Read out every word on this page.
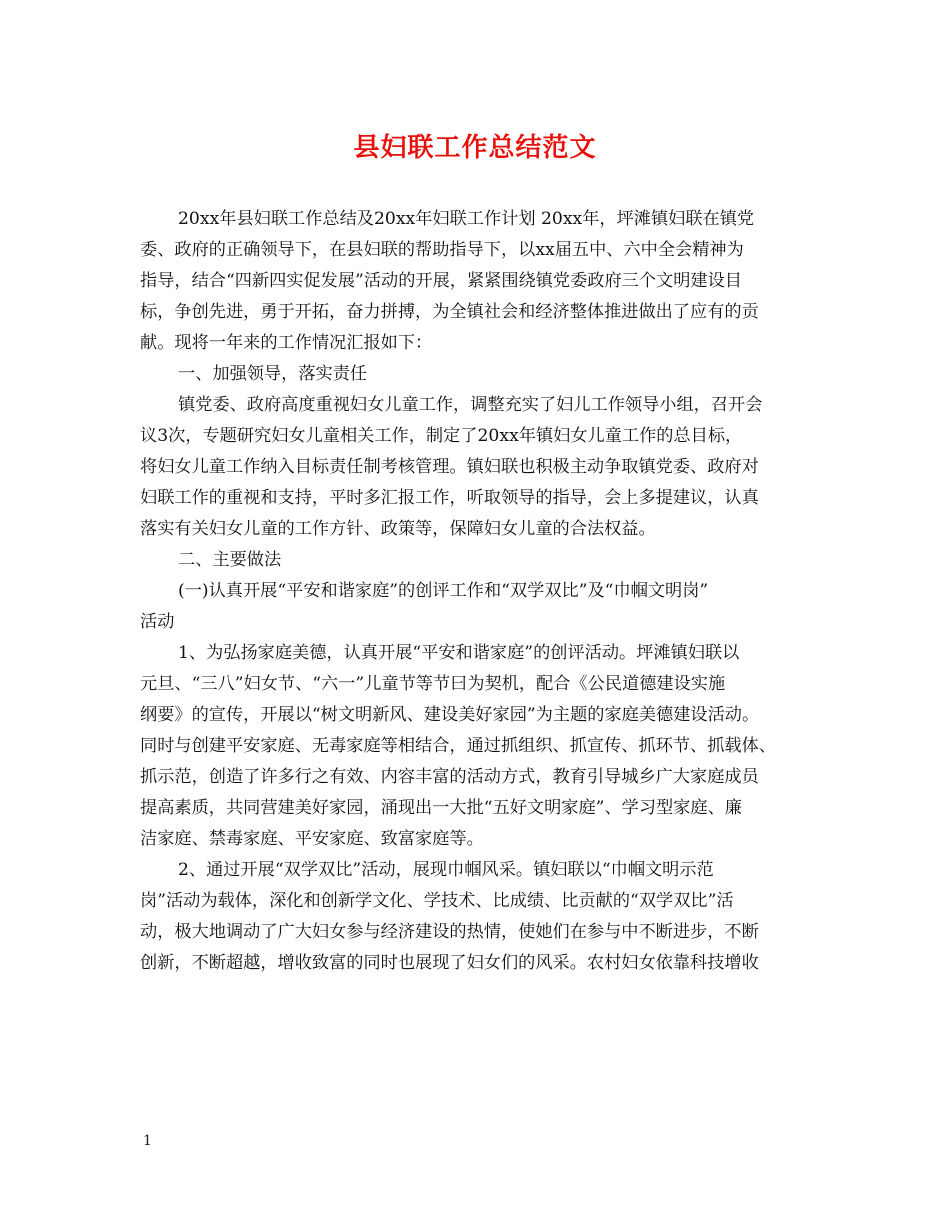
县妇联工作总结范文
20xx年县妇联工作总结及20xx年妇联工作计划 20xx年，坪滩镇妇联在镇党
委、政府的正确领导下，在县妇联的帮助指导下，以xx届五中、六中全会精神为
指导，结合“四新四实促发展”活动的开展，紧紧围绕镇党委政府三个文明建设目
标，争创先进，勇于开拓，奋力拼搏，为全镇社会和经济整体推进做出了应有的贡
献。现将一年来的工作情况汇报如下：
一、加强领导，落实责任
镇党委、政府高度重视妇女儿童工作，调整充实了妇儿工作领导小组，召开会
议3次，专题研究妇女儿童相关工作，制定了20xx年镇妇女儿童工作的总目标，
将妇女儿童工作纳入目标责任制考核管理。镇妇联也积极主动争取镇党委、政府对
妇联工作的重视和支持，平时多汇报工作，听取领导的指导，会上多提建议，认真
落实有关妇女儿童的工作方针、政策等，保障妇女儿童的合法权益。
二、主要做法
(一)认真开展“平安和谐家庭”的创评工作和“双学双比”及“巾帼文明岗”
活动
1、为弘扬家庭美德，认真开展“平安和谐家庭”的创评活动。坪滩镇妇联以
元旦、“三八”妇女节、“六一”儿童节等节曰为契机，配合《公民道德建设实施
纲要》的宣传，开展以“树文明新风、建设美好家园”为主题的家庭美德建设活动。
同时与创建平安家庭、无毒家庭等相结合，通过抓组织、抓宣传、抓环节、抓载体、
抓示范，创造了许多行之有效、内容丰富的活动方式，教育引导城乡广大家庭成员
提高素质，共同营建美好家园，涌现出一大批“五好文明家庭”、学习型家庭、廉
洁家庭、禁毒家庭、平安家庭、致富家庭等。
2、通过开展“双学双比”活动，展现巾帼风采。镇妇联以“巾帼文明示范
岗”活动为载体，深化和创新学文化、学技术、比成绩、比贡献的“双学双比”活
动，极大地调动了广大妇女参与经济建设的热情，使她们在参与中不断进步，不断
创新，不断超越，增收致富的同时也展现了妇女们的风采。农村妇女依靠科技增收
1
